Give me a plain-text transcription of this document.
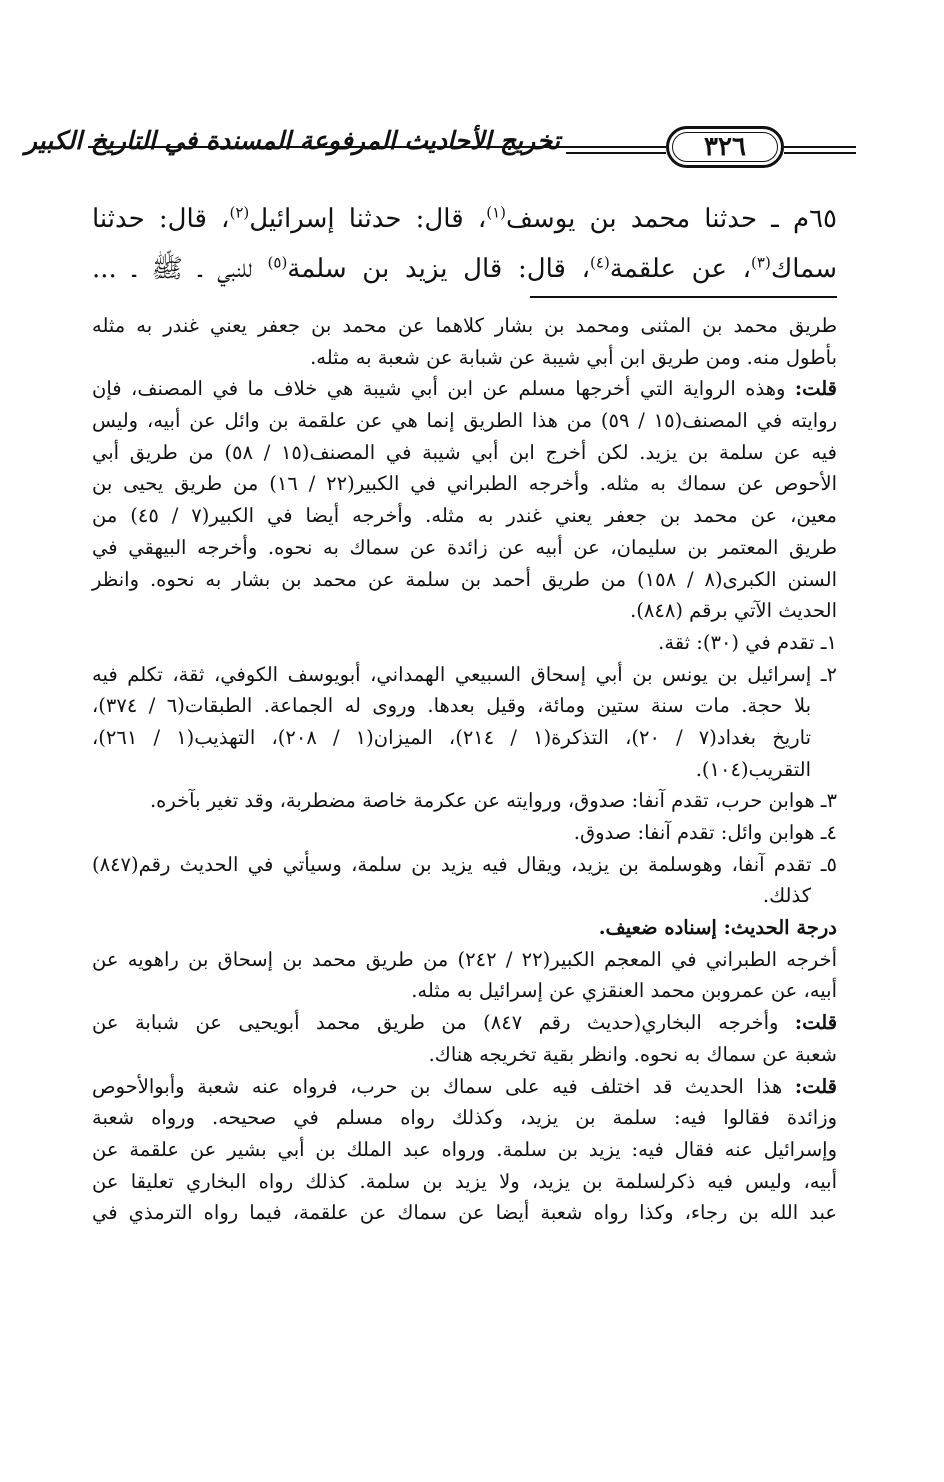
تخريج الأحاديث المرفوعة المسندة في التاريخ الكبير	٣٢٦
٦٥م ـ حدثنا محمد بن يوسف$^{(١)}$، قال: حدثنا إسرائيل$^{(٢)}$، قال: حدثنا
سماك$^{(٣)}$، عن علقمة$^{(٤)}$، قال: قال يزيد بن سلمة$^{(٥)}$ للنبي ـ ﷺ ـ ...
طريق محمد بن المثنى ومحمد بن بشار كلاهما عن محمد بن جعفر يعني غندر به مثله
بأطول منه. ومن طريق ابن أبي شيبة عن شبابة عن شعبة به مثله.
قلت: وهذه الرواية التي أخرجها مسلم عن ابن أبي شيبة هي خلاف ما في المصنف، فإن
روايته في المصنف(١٥ / ٥٩) من هذا الطريق إنما هي عن علقمة بن وائل عن أبيه، وليس
فيه عن سلمة بن يزيد. لكن أخرج ابن أبي شيبة في المصنف(١٥ / ٥٨) من طريق أبي
الأحوص عن سماك به مثله. وأخرجه الطبراني في الكبير(٢٢ / ١٦) من طريق يحيى بن
معين، عن محمد بن جعفر يعني غندر به مثله. وأخرجه أيضا في الكبير(٧ / ٤٥) من
طريق المعتمر بن سليمان، عن أبيه عن زائدة عن سماك به نحوه. وأخرجه البيهقي في
السنن الكبرى(٨ / ١٥٨) من طريق أحمد بن سلمة عن محمد بن بشار به نحوه. وانظر
الحديث الآتي برقم (٨٤٨).
١ـ تقدم في (٣٠): ثقة.
٢ـ إسرائيل بن يونس بن أبي إسحاق السبيعي الهمداني، أبويوسف الكوفي، ثقة، تكلم فيه
بلا حجة. مات سنة ستين ومائة، وقيل بعدها. وروى له الجماعة. الطبقات(٦ / ٣٧٤)،
تاريخ بغداد(٧ / ٢٠)، التذكرة(١ / ٢١٤)، الميزان(١ / ٢٠٨)، التهذيب(١ / ٢٦١)،
التقريب(١٠٤).
٣ـ هوابن حرب، تقدم آنفا: صدوق، وروايته عن عكرمة خاصة مضطربة، وقد تغير بآخره.
٤ـ هوابن وائل: تقدم آنفا: صدوق.
٥ـ تقدم آنفا، وهوسلمة بن يزيد، ويقال فيه يزيد بن سلمة، وسيأتي في الحديث رقم(٨٤٧)
كذلك.
درجة الحديث: إسناده ضعيف.
أخرجه الطبراني في المعجم الكبير(٢٢ / ٢٤٢) من طريق محمد بن إسحاق بن راهويه عن
أبيه، عن عمروبن محمد العنقزي عن إسرائيل به مثله.
قلت: وأخرجه البخاري(حديث رقم ٨٤٧) من طريق محمد أبويحيى عن شبابة عن
شعبة عن سماك به نحوه. وانظر بقية تخريجه هناك.
قلت: هذا الحديث قد اختلف فيه على سماك بن حرب، فرواه عنه شعبة وأبوالأحوص
وزائدة فقالوا فيه: سلمة بن يزيد، وكذلك رواه مسلم في صحيحه. ورواه شعبة
وإسرائيل عنه فقال فيه: يزيد بن سلمة. ورواه عبد الملك بن أبي بشير عن علقمة عن
أبيه، وليس فيه ذكرلسلمة بن يزيد، ولا يزيد بن سلمة. كذلك رواه البخاري تعليقا عن
عبد الله بن رجاء، وكذا رواه شعبة أيضا عن سماك عن علقمة، فيما رواه الترمذي في
